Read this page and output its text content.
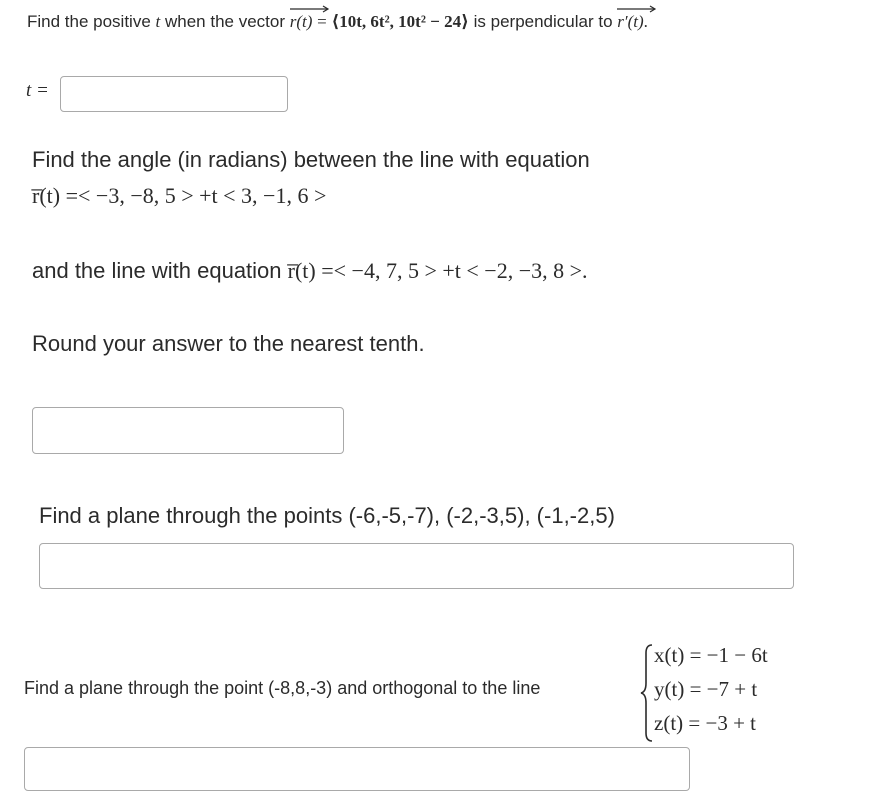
Find the positive t when the vector r(t) = ⟨10t, 6t², 10t² − 24⟩ is perpendicular to r′(t)
.
t =
Find the angle (in radians) between the line with equation
r̅(t) =< −3, −8, 5 > +t < 3, −1, 6 >
and the line with equation r̅(t) =< −4, 7, 5 > +t < −2, −3, 8 >.
Round your answer to the nearest tenth.
Find a plane through the points (-6,-5,-7), (-2,-3,5), (-1,-2,5)
Find a plane through the point (-8,8,-3) and orthogonal to the line
x(t) = −1 − 6t
y(t) = −7 + t
z(t) = −3 + t
